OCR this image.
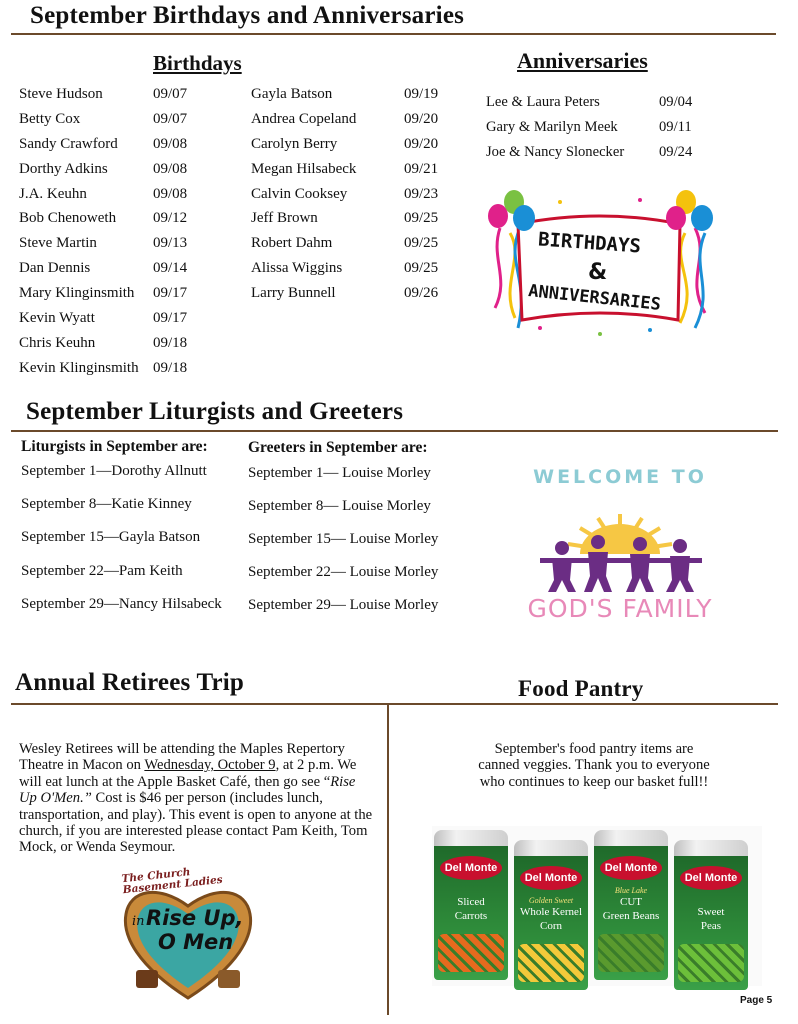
September Birthdays and Anniversaries
Birthdays
Steve Hudson	09/07
Betty Cox	09/07
Sandy Crawford	09/08
Dorthy Adkins	09/08
J.A. Keuhn	09/08
Bob Chenoweth	09/12
Steve Martin	09/13
Dan Dennis	09/14
Mary Klinginsmith	09/17
Kevin Wyatt	09/17
Chris Keuhn	09/18
Kevin Klinginsmith	09/18
Gayla Batson	09/19
Andrea Copeland	09/20
Carolyn Berry	09/20
Megan Hilsabeck	09/21
Calvin Cooksey	09/23
Jeff Brown	09/25
Robert Dahm	09/25
Alissa Wiggins	09/25
Larry Bunnell	09/26
Anniversaries
Lee & Laura Peters	09/04
Gary & Marilyn Meek	09/11
Joe & Nancy Slonecker	09/24
BIRTHDAYS
&
ANNIVERSARIES
September Liturgists and Greeters
Liturgists in September are:
September 1—Dorothy Allnutt
September 8—Katie Kinney
September 15—Gayla Batson
September 22—Pam Keith
September 29—Nancy Hilsabeck
Greeters in September are:
September 1— Louise Morley
September 8— Louise Morley
September 15— Louise Morley
September 22— Louise Morley
September 29— Louise Morley
WELCOME TO
GOD'S FAMILY
Annual Retirees Trip	Food Pantry
Wesley Retirees will be attending the Maples Repertory Theatre in Macon on Wednesday, October 9, at 2 p.m. We will eat lunch at the Apple Basket Café, then go see “Rise Up O'Men.” Cost is $46 per person (includes lunch, transportation, and play). This event is open to anyone at the church, if you are interested please contact Pam Keith, Tom Mock, or Wenda Seymour.
The Church Basement Ladies
in Rise Up,
O Men
September's food pantry items are canned veggies. Thank you to everyone who continues to keep our basket full!!
Del Monte
Sliced
Carrots
Del Monte
Golden Sweet
Whole Kernel
Corn
Del Monte
Blue Lake
CUT
Green Beans
Del Monte
Sweet
Peas
Page 5
